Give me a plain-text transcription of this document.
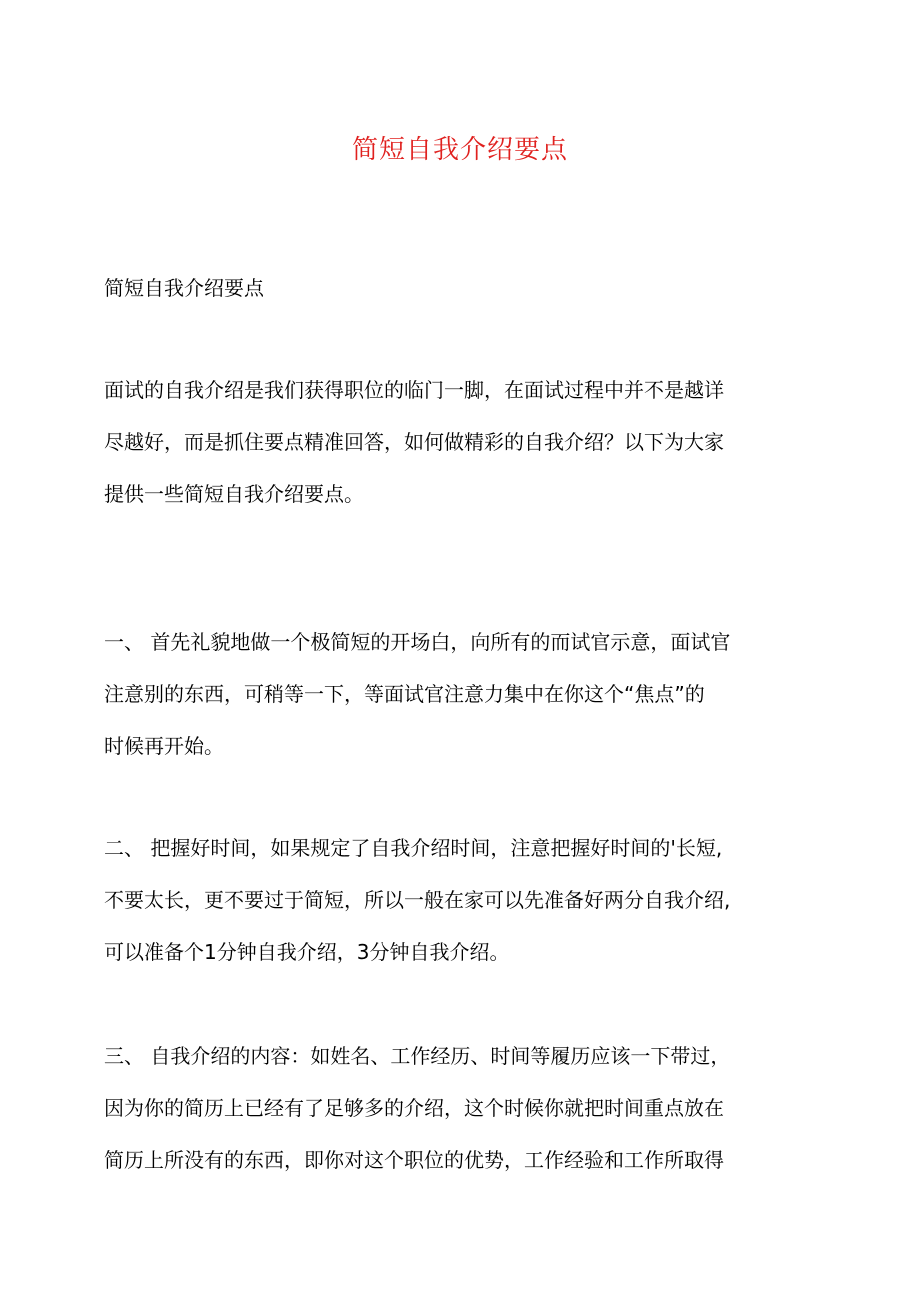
简短自我介绍要点
简短自我介绍要点

面试的自我介绍是我们获得职位的临门一脚，在面试过程中并不是越详
尽越好，而是抓住要点精准回答，如何做精彩的自我介绍？以下为大家
提供一些简短自我介绍要点。

一、 首先礼貌地做一个极简短的开场白，向所有的而试官示意，面试官
注意别的东西，可稍等一下，等面试官注意力集中在你这个“焦点”的
时候再开始。

二、 把握好时间，如果规定了自我介绍时间，注意把握好时间的'长短,
不要太长，更不要过于简短，所以一般在家可以先准备好两分自我介绍,
可以准备个1分钟自我介绍，3分钟自我介绍。

三、 自我介绍的内容：如姓名、工作经历、时间等履历应该一下带过，
因为你的简历上已经有了足够多的介绍，这个时候你就把时间重点放在
简历上所没有的东西，即你对这个职位的优势，工作经验和工作所取得
